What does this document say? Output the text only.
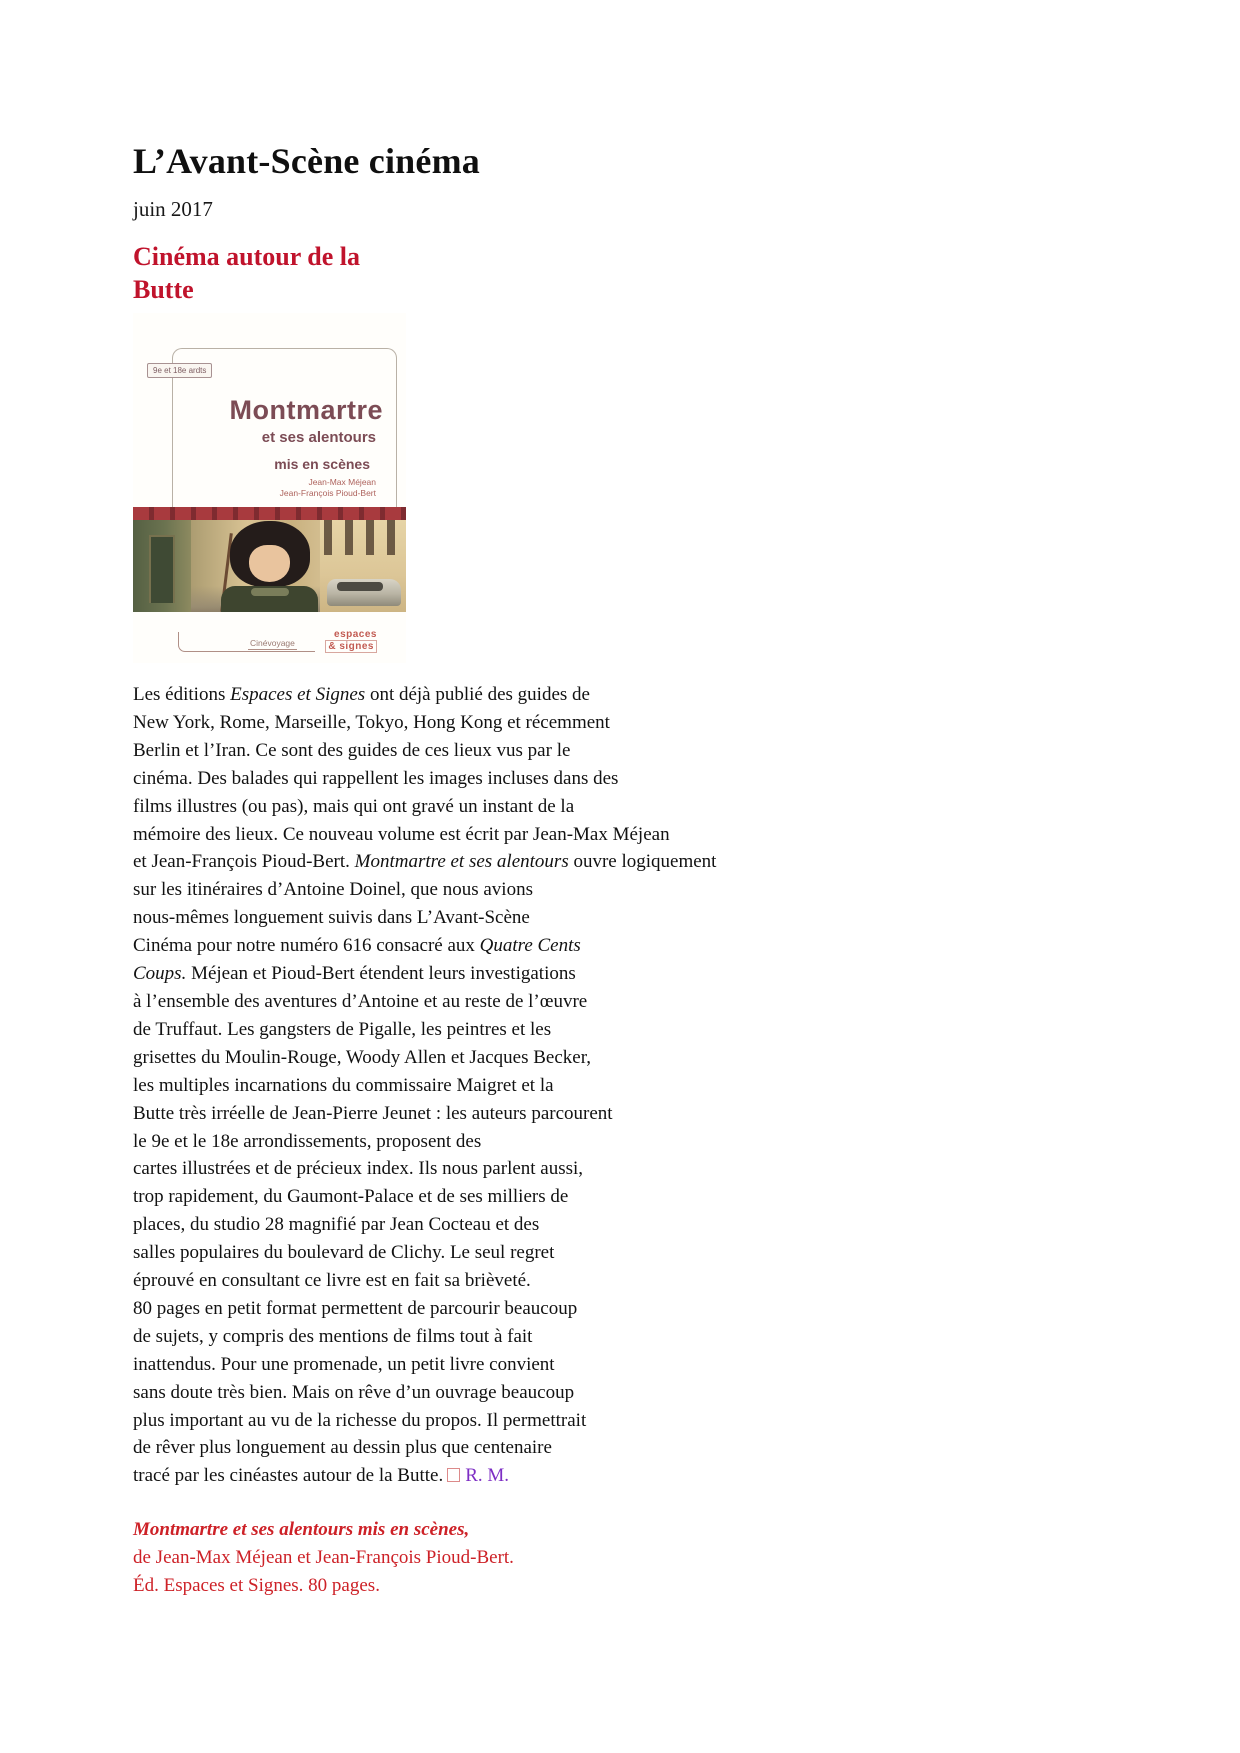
L’Avant-Scène cinéma
juin 2017
Cinéma autour de la
Butte
9e et 18e ardts
Montmartre
et ses alentours
mis en scènes
Jean-Max Méjean
Jean-François Pioud-Bert
Cinévoyage
espaces
& signes
Les éditions Espaces et Signes ont déjà publié des guides de
New York, Rome, Marseille, Tokyo, Hong Kong et récemment
Berlin et l’Iran. Ce sont des guides de ces lieux vus par le
cinéma. Des balades qui rappellent les images incluses dans des
films illustres (ou pas), mais qui ont gravé un instant de la
mémoire des lieux. Ce nouveau volume est écrit par Jean-Max Méjean
et Jean-François Pioud-Bert. Montmartre et ses alentours ouvre logiquement
sur les itinéraires d’Antoine Doinel, que nous avions
nous-mêmes longuement suivis dans L’Avant-Scène
Cinéma pour notre numéro 616 consacré aux Quatre Cents
Coups. Méjean et Pioud-Bert étendent leurs investigations
à l’ensemble des aventures d’Antoine et au reste de l’œuvre
de Truffaut. Les gangsters de Pigalle, les peintres et les
grisettes du Moulin-Rouge, Woody Allen et Jacques Becker,
les multiples incarnations du commissaire Maigret et la
Butte très irréelle de Jean-Pierre Jeunet : les auteurs parcourent
le 9e et le 18e arrondissements, proposent des
cartes illustrées et de précieux index. Ils nous parlent aussi,
trop rapidement, du Gaumont-Palace et de ses milliers de
places, du studio 28 magnifié par Jean Cocteau et des
salles populaires du boulevard de Clichy. Le seul regret
éprouvé en consultant ce livre est en fait sa brièveté.
80 pages en petit format permettent de parcourir beaucoup
de sujets, y compris des mentions de films tout à fait
inattendus. Pour une promenade, un petit livre convient
sans doute très bien. Mais on rêve d’un ouvrage beaucoup
plus important au vu de la richesse du propos. Il permettrait
de rêver plus longuement au dessin plus que centenaire
tracé par les cinéastes autour de la Butte. R. M.
Montmartre et ses alentours mis en scènes,
de Jean-Max Méjean et Jean-François Pioud-Bert.
Éd. Espaces et Signes. 80 pages.
